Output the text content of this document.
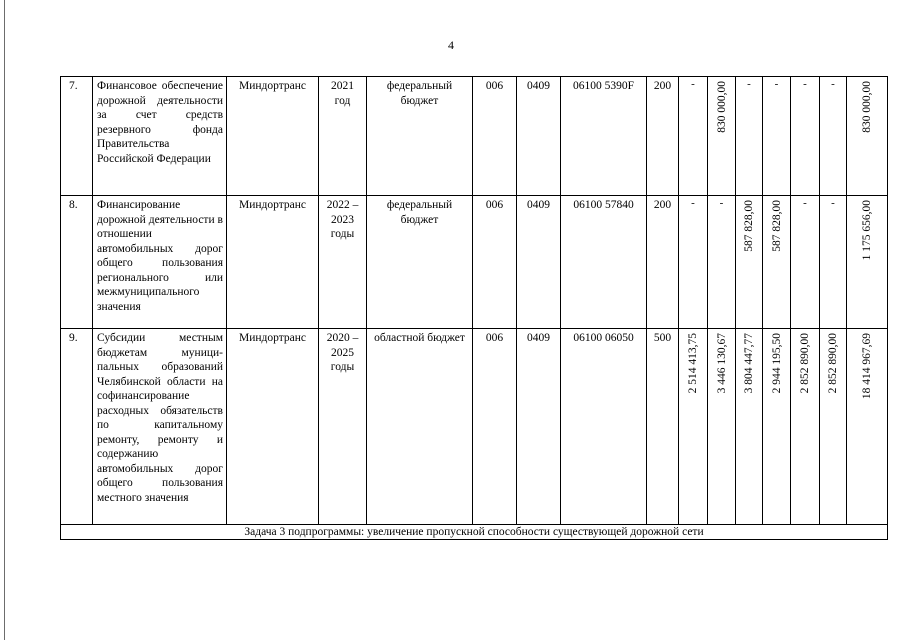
4
7.	Финансовое обеспечение дорожной деятельности за счет средств резервного фонда Правительства Российской Федерации	Миндортранс	2021 год	федеральный бюджет	006	0409	06100 5390F	200	-	830 000,00	-	-	-	-	830 000,00

8.	Финансирование дорожной деятельности в отношении автомобильных дорог общего пользования регионального или межмуниципального значения	Миндортранс	2022 – 2023 годы	федеральный бюджет	006	0409	06100 57840	200	-	-	587 828,00	587 828,00	-	-	1 175 656,00

9.	Субсидии местным бюджетам муници-пальных образований Челябинской области на софинансирование расходных обязательств по капитальному ремонту, ремонту и содержанию автомобильных дорог общего пользования местного значения	Миндортранс	2020 – 2025 годы	областной бюджет	006	0409	06100 06050	500	2 514 413,75	3 446 130,67	3 804 447,77	2 944 195,50	2 852 890,00	2 852 890,00	18 414 967,69

Задача 3 подпрограммы: увеличение пропускной способности существующей дорожной сети															
